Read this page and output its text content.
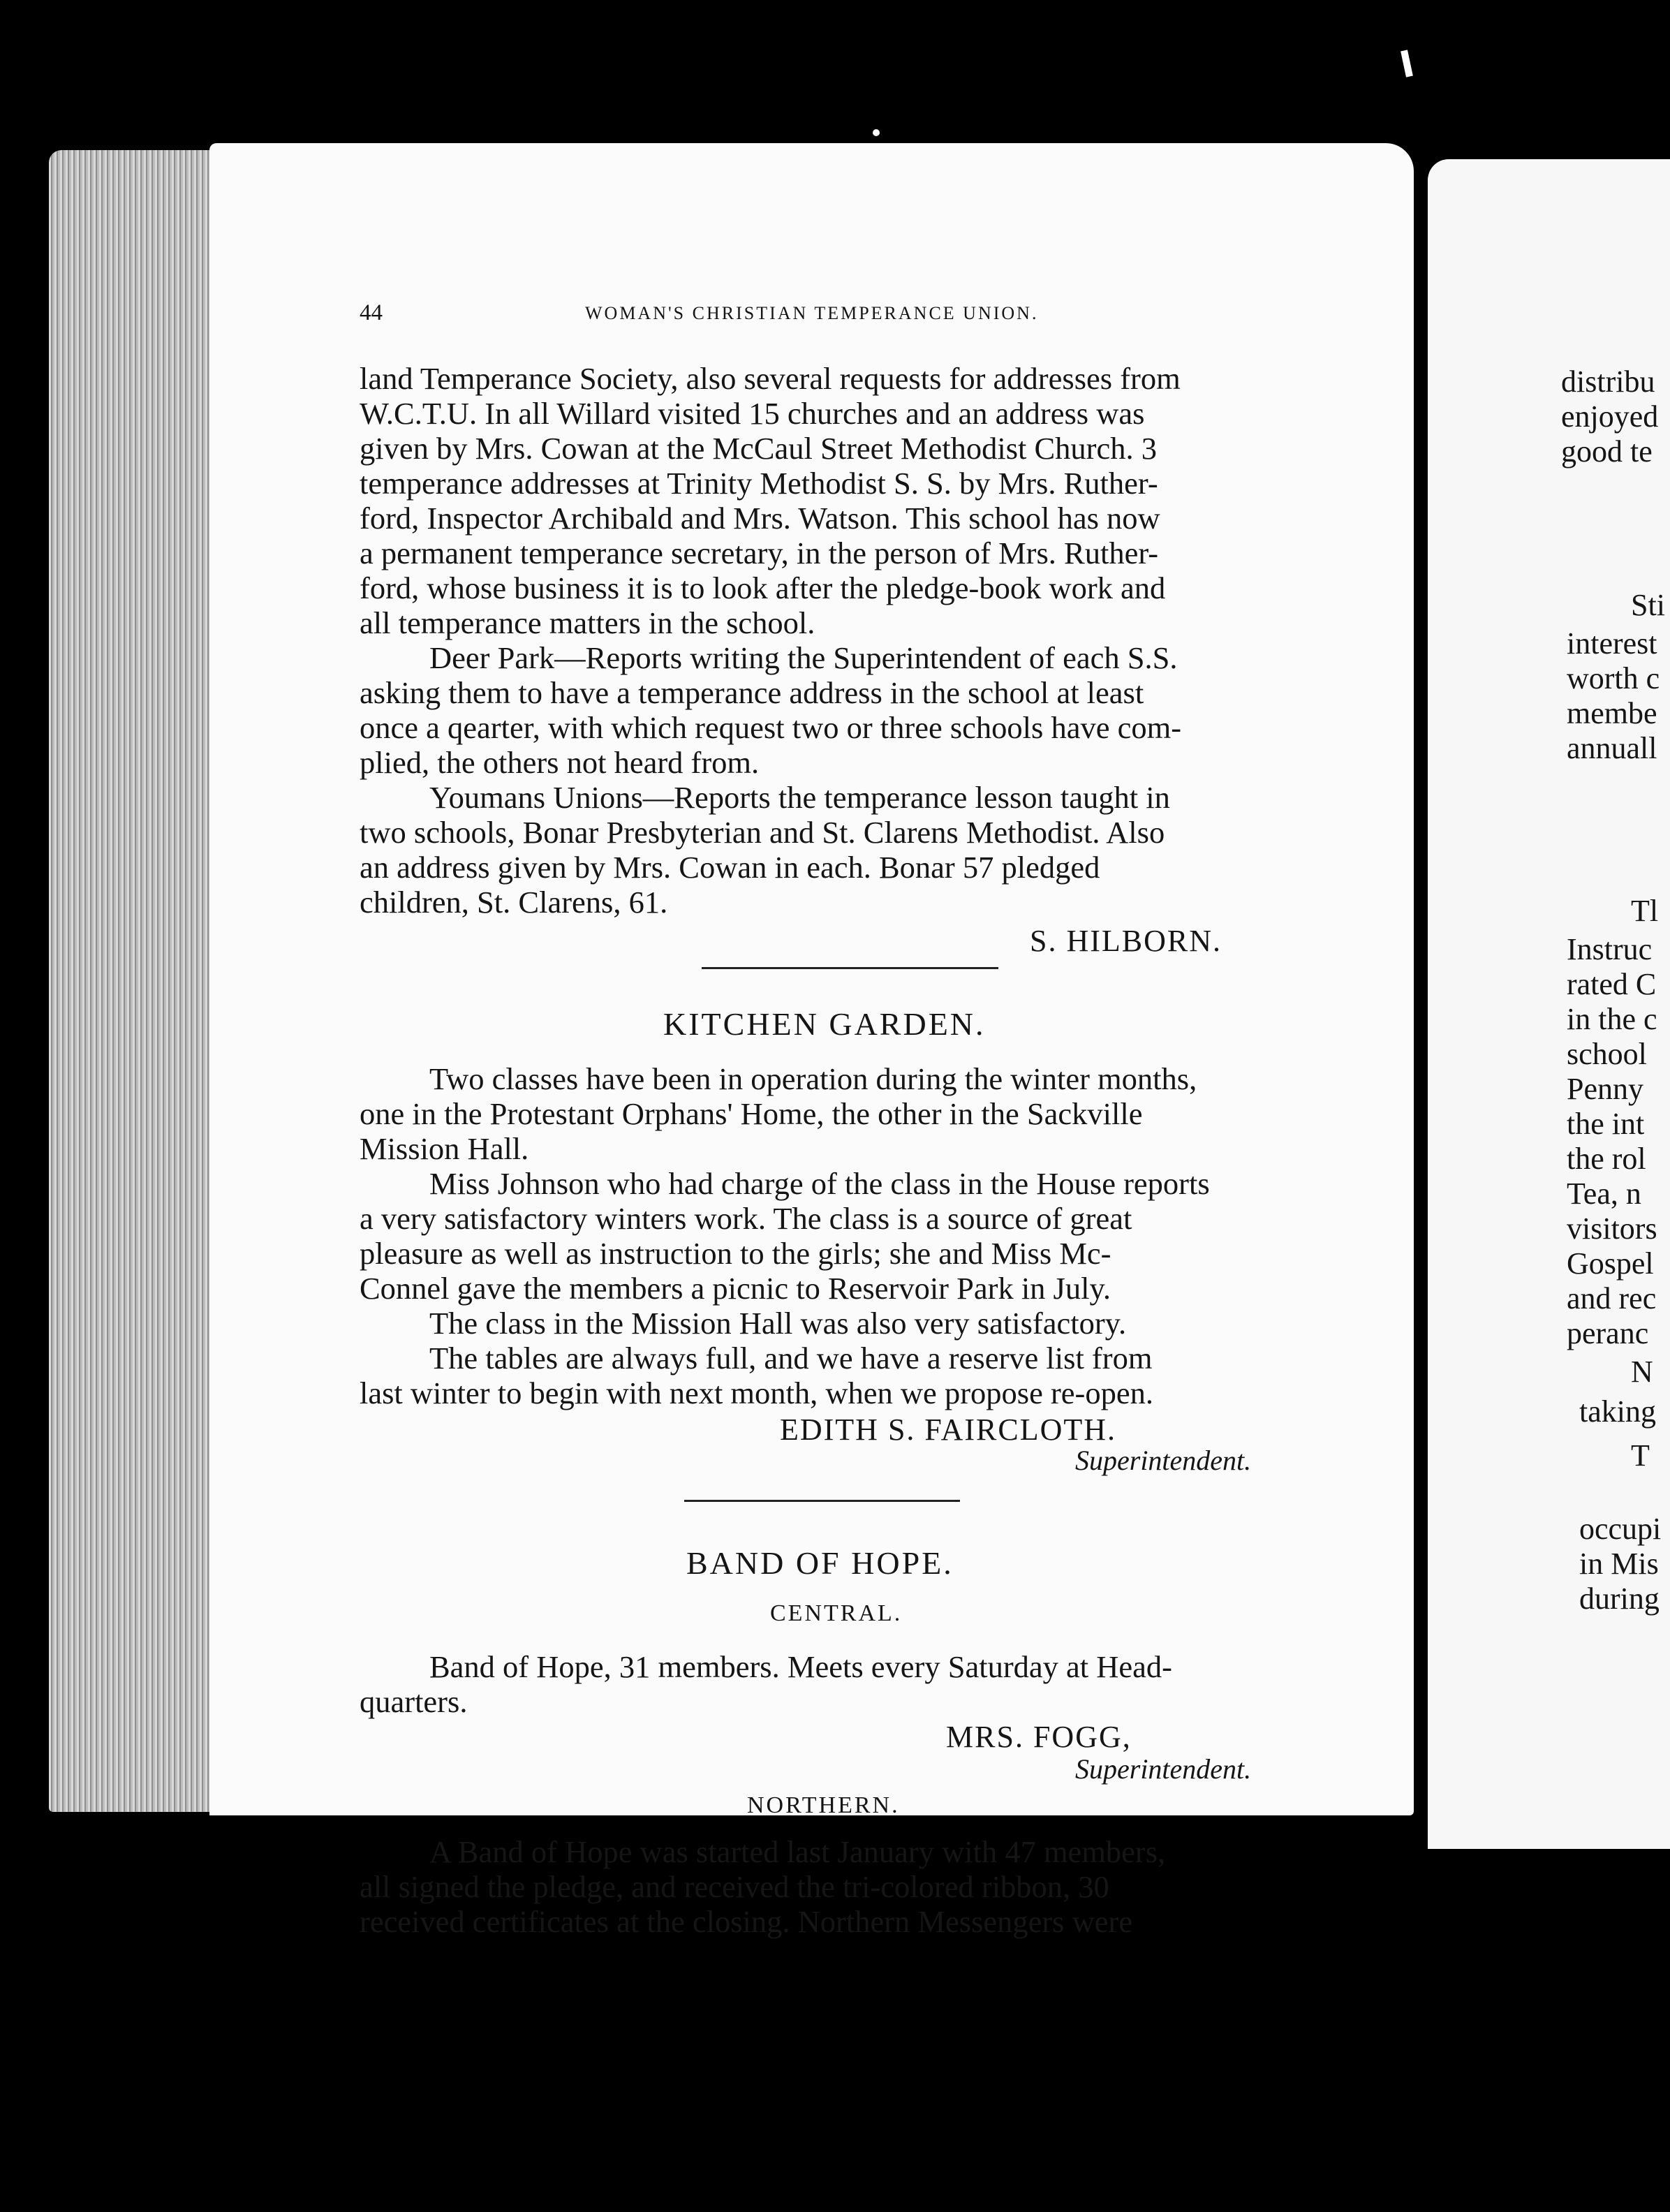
44	WOMAN'S CHRISTIAN TEMPERANCE UNION.

land Temperance Society, also several requests for addresses from

W.C.T.U. In all Willard visited 15 churches and an address was

given by Mrs. Cowan at the McCaul Street Methodist Church. 3

temperance addresses at Trinity Methodist S. S. by Mrs. Ruther-

ford, Inspector Archibald and Mrs. Watson. This school has now

a permanent temperance secretary, in the person of Mrs. Ruther-

ford, whose business it is to look after the pledge-book work and

all temperance matters in the school.

Deer Park—Reports writing the Superintendent of each S.S.

asking them to have a temperance address in the school at least

once a qearter, with which request two or three schools have com-

plied, the others not heard from.

Youmans Unions—Reports the temperance lesson taught in

two schools, Bonar Presbyterian and St. Clarens Methodist. Also

an address given by Mrs. Cowan in each. Bonar 57 pledged

children, St. Clarens, 61.

S. HILBORN.
KITCHEN GARDEN.

Two classes have been in operation during the winter months,

one in the Protestant Orphans' Home, the other in the Sackville

Mission Hall.

Miss Johnson who had charge of the class in the House reports

a very satisfactory winters work. The class is a source of great

pleasure as well as instruction to the girls; she and Miss Mc-

Connel gave the members a picnic to Reservoir Park in July.

The class in the Mission Hall was also very satisfactory.

The tables are always full, and we have a reserve list from

last winter to begin with next month, when we propose re-open.

EDITH S. FAIRCLOTH.
Superintendent.
BAND OF HOPE.
CENTRAL.

Band of Hope, 31 members. Meets every Saturday at Head-

quarters.

MRS. FOGG,
Superintendent.
NORTHERN.

A Band of Hope was started last January with 47 members,

all signed the pledge, and received the tri-colored ribbon, 30

received certificates at the closing. Northern Messengers were

distribu
enjoyed
good te
Sti
interest
worth c
membe
annuall
Tl
Instruc
rated C
in the c
school
Penny
the int
the rol
Tea, n
visitors
Gospel
and rec
peranc
N
taking
T
occupi
in Mis
during
